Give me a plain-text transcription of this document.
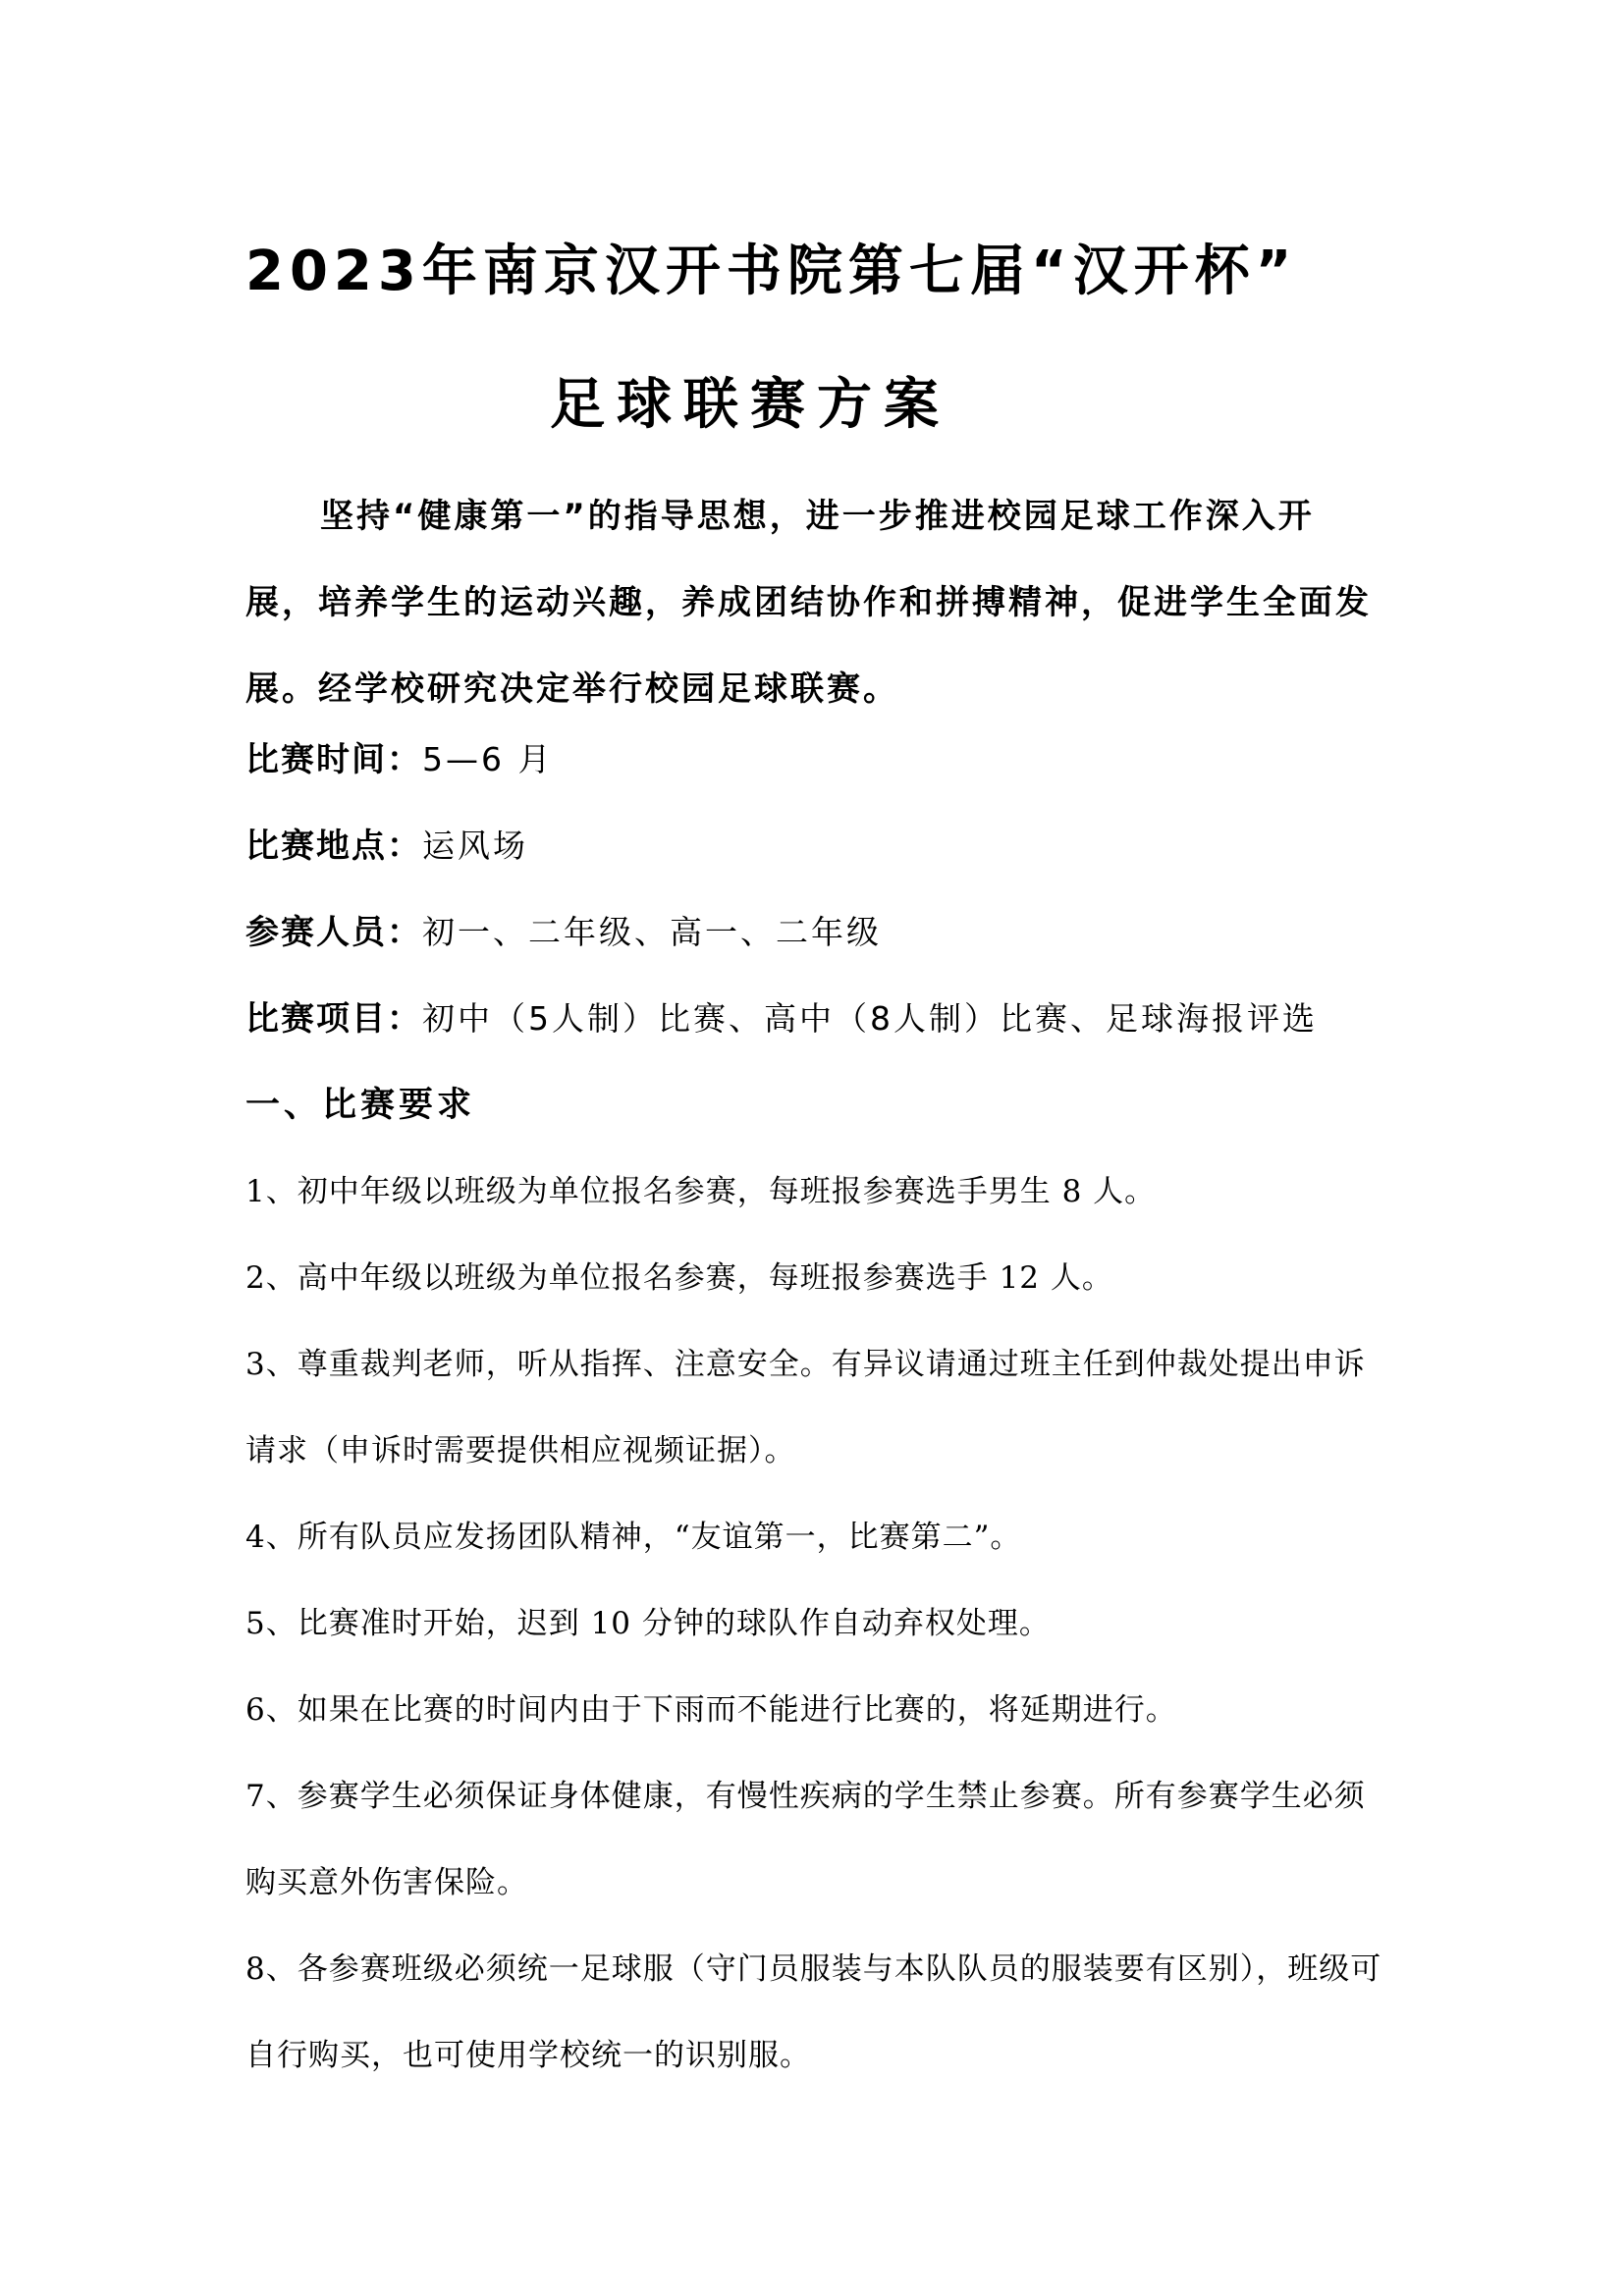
2023年南京汉开书院第七届“汉开杯”
足球联赛方案
坚持“健康第一”的指导思想，进一步推进校园足球工作深入开展，培养学生的运动兴趣，养成团结协作和拼搏精神，促进学生全面发展。经学校研究决定举行校园足球联赛。
比赛时间：5—6 月
比赛地点：运风场
参赛人员：初一、二年级、高一、二年级
比赛项目：初中（5人制）比赛、高中（8人制）比赛、足球海报评选
一、比赛要求
1、初中年级以班级为单位报名参赛，每班报参赛选手男生 8 人。
2、高中年级以班级为单位报名参赛，每班报参赛选手 12 人。
3、尊重裁判老师，听从指挥、注意安全。有异议请通过班主任到仲裁处提出申诉请求（申诉时需要提供相应视频证据）。
4、所有队员应发扬团队精神，“友谊第一，比赛第二”。
5、比赛准时开始，迟到 10 分钟的球队作自动弃权处理。
6、如果在比赛的时间内由于下雨而不能进行比赛的，将延期进行。
7、参赛学生必须保证身体健康，有慢性疾病的学生禁止参赛。所有参赛学生必须购买意外伤害保险。
8、各参赛班级必须统一足球服（守门员服装与本队队员的服装要有区别），班级可自行购买，也可使用学校统一的识别服。
